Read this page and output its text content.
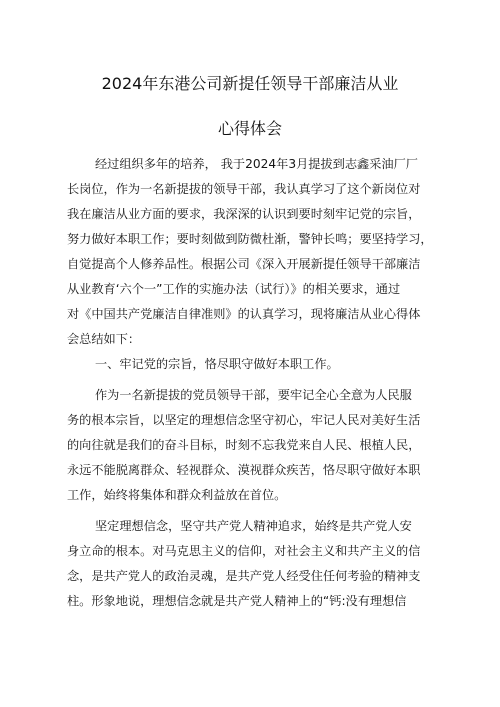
2024年东港公司新提任领导干部廉洁从业
心得体会
经过组织多年的培养， 我于2024年3月提拔到志鑫采油厂厂
长岗位，作为一名新提拔的领导干部，我认真学习了这个新岗位对
我在廉洁从业方面的要求，我深深的认识到要时刻牢记党的宗旨，
努力做好本职工作；要时刻做到防微杜渐，警钟长鸣；要坚持学习，
自觉提高个人修养品性。根据公司《深入开展新提任领导干部廉洁
从业教育‘六个一”工作的实施办法（试行）》的相关要求，通过
对《中国共产党廉洁自律准则》的认真学习，现将廉洁从业心得体
会总结如下：
一、牢记党的宗旨，恪尽职守做好本职工作。
作为一名新提拔的党员领导干部，要牢记全心全意为人民服
务的根本宗旨，以坚定的理想信念坚守初心，牢记人民对美好生活
的向往就是我们的奋斗目标，时刻不忘我党来自人民、根植人民，
永远不能脱离群众、轻视群众、漠视群众疾苦，恪尽职守做好本职
工作，始终将集体和群众利益放在首位。
坚定理想信念，坚守共产党人精神追求，始终是共产党人安
身立命的根本。对马克思主义的信仰，对社会主义和共产主义的信
念，是共产党人的政治灵魂，是共产党人经受住任何考验的精神支
柱。形象地说，理想信念就是共产党人精神上的“钙:没有理想信
